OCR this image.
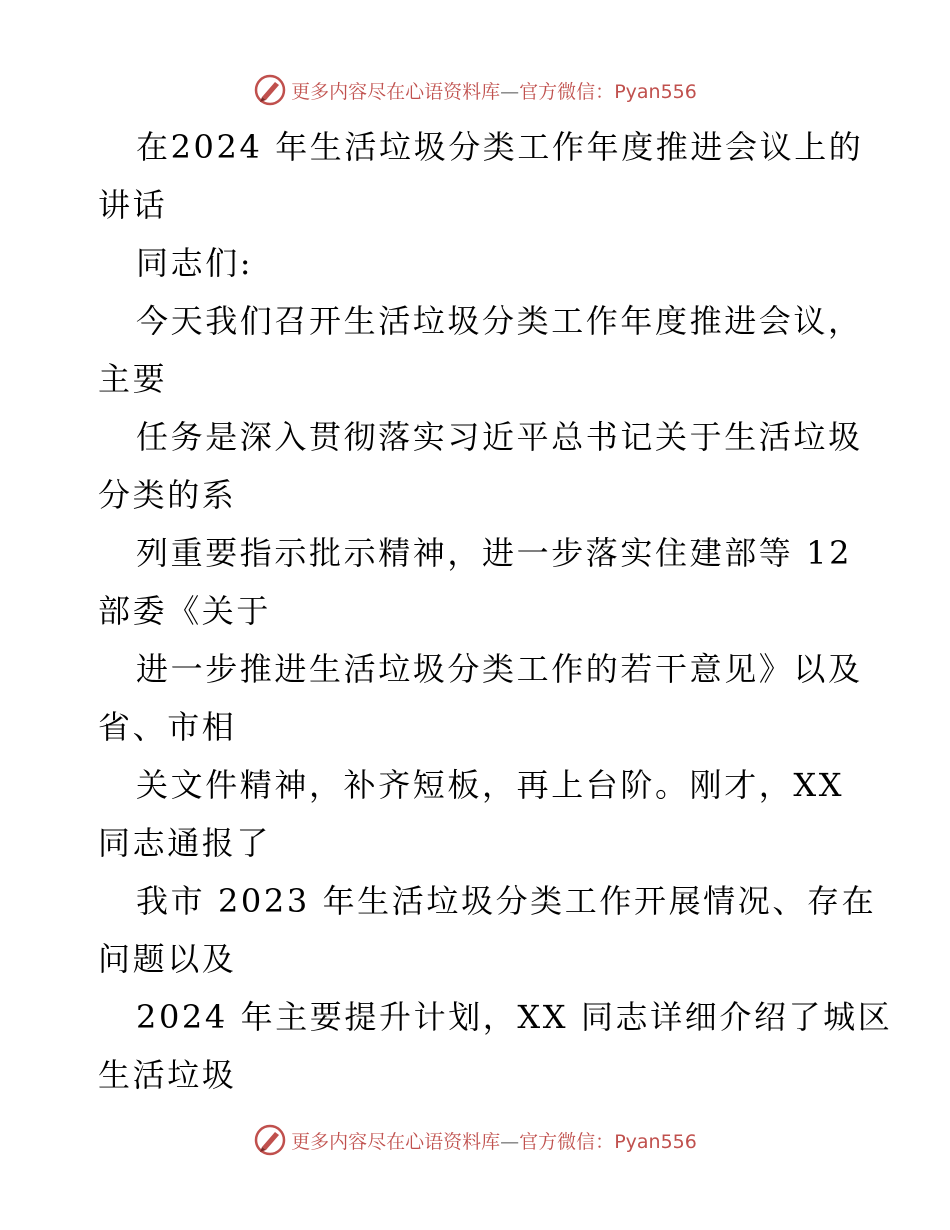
更多内容尽在心语资料库—官方微信：Pyan556
在2024 年生活垃圾分类工作年度推进会议上的
讲话
同志们:
今天我们召开生活垃圾分类工作年度推进会议，
主要
任务是深入贯彻落实习近平总书记关于生活垃圾
分类的系
列重要指示批示精神，进一步落实住建部等 12
部委《关于
进一步推进生活垃圾分类工作的若干意见》以及
省、市相
关文件精神，补齐短板，再上台阶。刚才，XX
同志通报了
我市 2023 年生活垃圾分类工作开展情况、存在
问题以及
2024 年主要提升计划，XX 同志详细介绍了城区
生活垃圾
更多内容尽在心语资料库—官方微信：Pyan556
